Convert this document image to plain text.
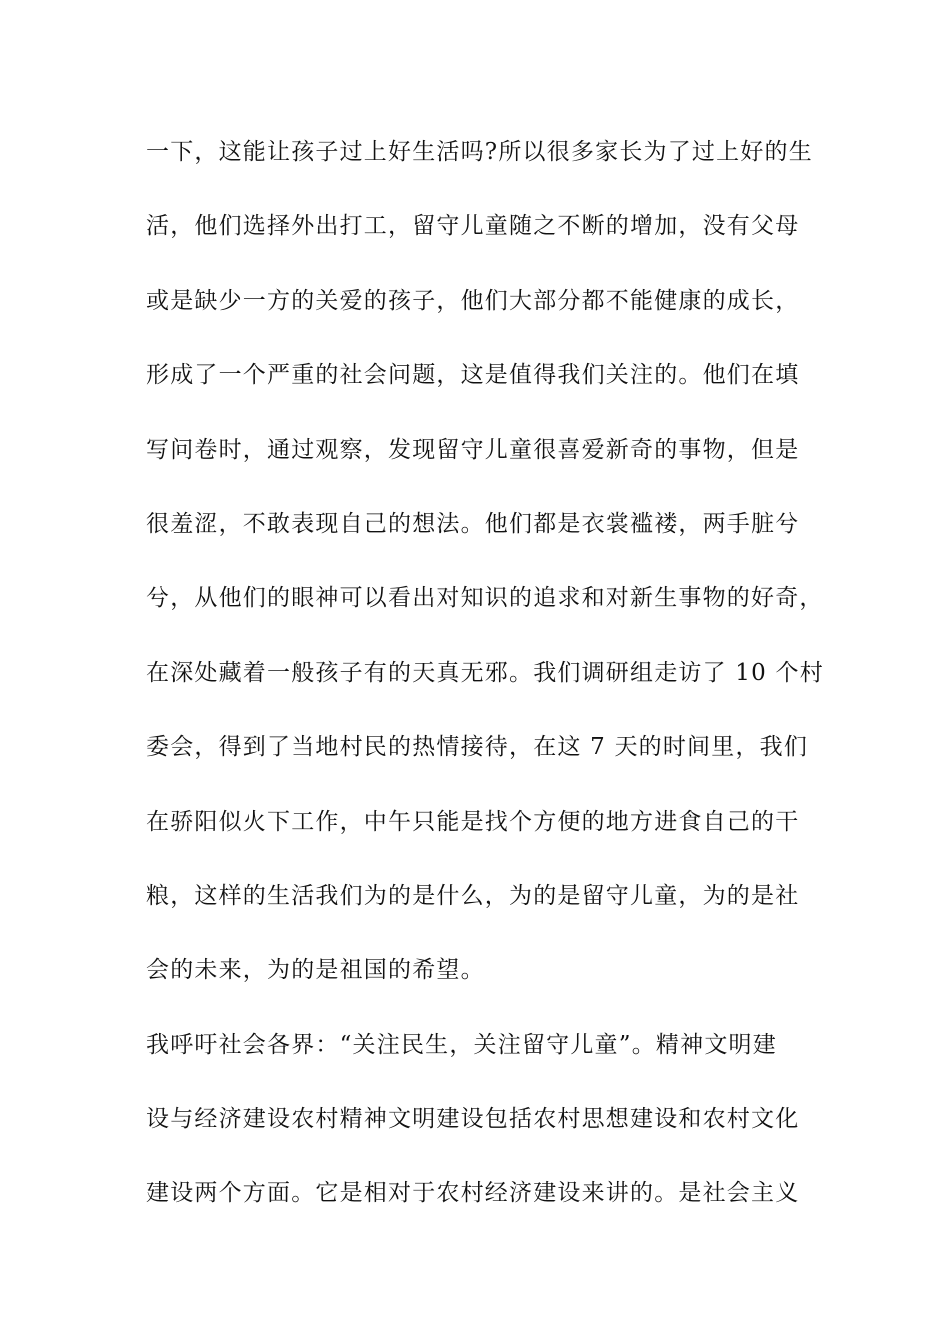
一下，这能让孩子过上好生活吗?所以很多家长为了过上好的生
活，他们选择外出打工，留守儿童随之不断的增加，没有父母
或是缺少一方的关爱的孩子，他们大部分都不能健康的成长，
形成了一个严重的社会问题，这是值得我们关注的。他们在填
写问卷时，通过观察，发现留守儿童很喜爱新奇的事物，但是
很羞涩，不敢表现自己的想法。他们都是衣裳褴褛，两手脏兮
兮，从他们的眼神可以看出对知识的追求和对新生事物的好奇，
在深处藏着一般孩子有的天真无邪。我们调研组走访了 10 个村
委会，得到了当地村民的热情接待，在这 7 天的时间里，我们
在骄阳似火下工作，中午只能是找个方便的地方进食自己的干
粮，这样的生活我们为的是什么，为的是留守儿童，为的是社
会的未来，为的是祖国的希望。
我呼吁社会各界：“关注民生，关注留守儿童”。精神文明建
设与经济建设农村精神文明建设包括农村思想建设和农村文化
建设两个方面。它是相对于农村经济建设来讲的。是社会主义
